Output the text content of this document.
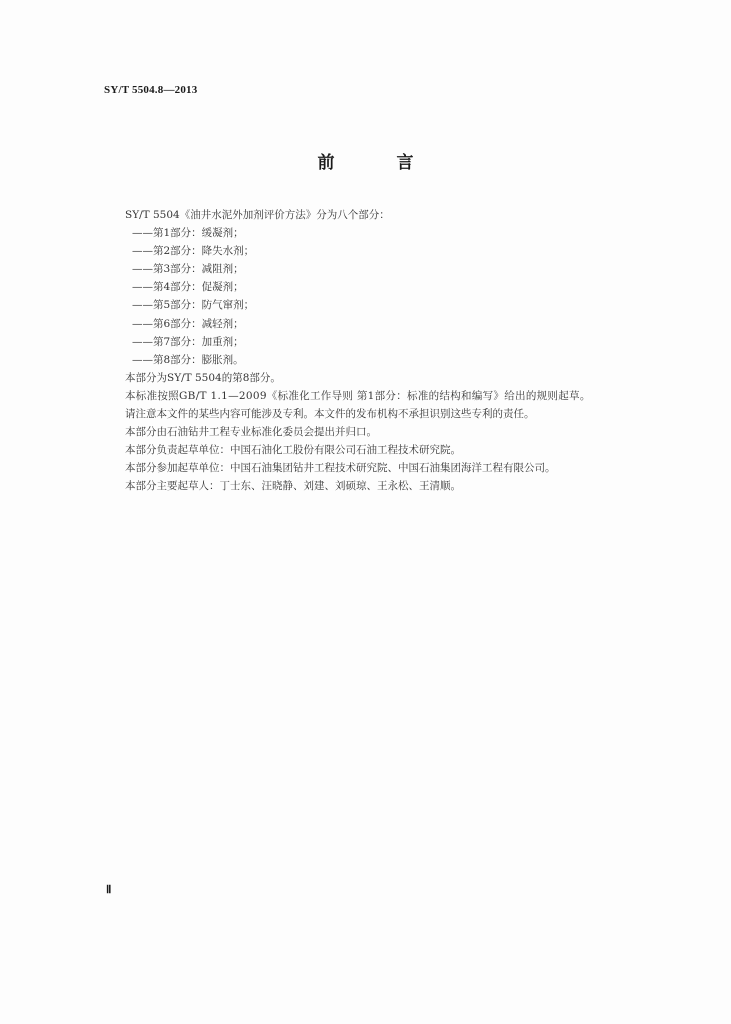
SY/T 5504.8—2013
前 言
SY/T 5504《油井水泥外加剂评价方法》分为八个部分：
——第1部分：缓凝剂；
——第2部分：降失水剂；
——第3部分：减阻剂；
——第4部分：促凝剂；
——第5部分：防气窜剂；
——第6部分：减轻剂；
——第7部分：加重剂；
——第8部分：膨胀剂。
本部分为SY/T 5504的第8部分。
本标准按照GB/T 1.1—2009《标准化工作导则 第1部分：标准的结构和编写》给出的规则起草。
请注意本文件的某些内容可能涉及专利。本文件的发布机构不承担识别这些专利的责任。
本部分由石油钻井工程专业标准化委员会提出并归口。
本部分负责起草单位：中国石油化工股份有限公司石油工程技术研究院。
本部分参加起草单位：中国石油集团钻井工程技术研究院、中国石油集团海洋工程有限公司。
本部分主要起草人：丁士东、汪晓静、刘建、刘硕琼、王永松、王清顺。
Ⅱ
